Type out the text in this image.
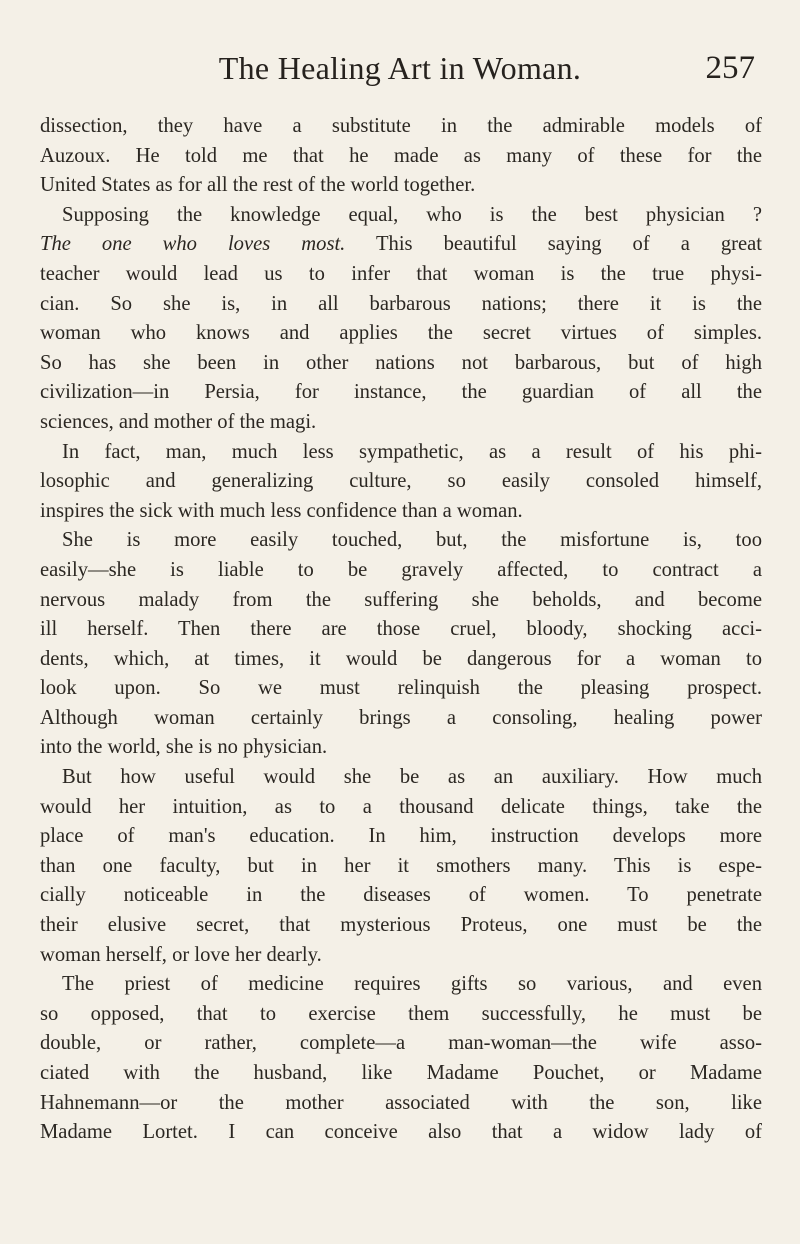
The Healing Art in Woman.	257
dissection, they have a substitute in the admirable models of
Auzoux. He told me that he made as many of these for the
United States as for all the rest of the world together.
Supposing the knowledge equal, who is the best physician ?
The one who loves most. This beautiful saying of a great
teacher would lead us to infer that woman is the true physi-
cian. So she is, in all barbarous nations; there it is the
woman who knows and applies the secret virtues of simples.
So has she been in other nations not barbarous, but of high
civilization—in Persia, for instance, the guardian of all the
sciences, and mother of the magi.
In fact, man, much less sympathetic, as a result of his phi-
losophic and generalizing culture, so easily consoled himself,
inspires the sick with much less confidence than a woman.
She is more easily touched, but, the misfortune is, too
easily—she is liable to be gravely affected, to contract a
nervous malady from the suffering she beholds, and become
ill herself. Then there are those cruel, bloody, shocking acci-
dents, which, at times, it would be dangerous for a woman to
look upon. So we must relinquish the pleasing prospect.
Although woman certainly brings a consoling, healing power
into the world, she is no physician.
But how useful would she be as an auxiliary. How much
would her intuition, as to a thousand delicate things, take the
place of man's education. In him, instruction develops more
than one faculty, but in her it smothers many. This is espe-
cially noticeable in the diseases of women. To penetrate
their elusive secret, that mysterious Proteus, one must be the
woman herself, or love her dearly.
The priest of medicine requires gifts so various, and even
so opposed, that to exercise them successfully, he must be
double, or rather, complete—a man-woman—the wife asso-
ciated with the husband, like Madame Pouchet, or Madame
Hahnemann—or the mother associated with the son, like
Madame Lortet. I can conceive also that a widow lady of
